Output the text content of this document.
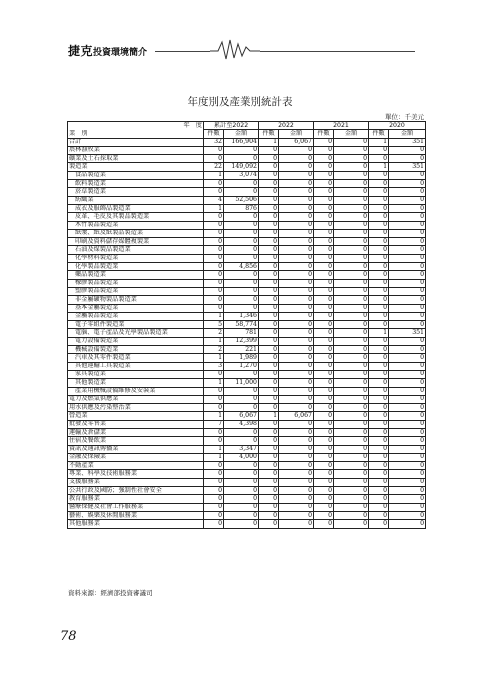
捷克投資環境簡介
年度別及產業別統計表
單位：千美元
年　度	累計至2022		2022		2021		2020	
業　別	件數	金額	件數	金額	件數	金額	件數	金額
合計	32	166,904	1	6,067	0	0	1	351
農林漁牧業	0	0	0	0	0	0	0	0
礦業及土石採取業	0	0	0	0	0	0	0	0
製造業	22	149,092	0	0	0	0	1	351
食品製造業	1	3,074	0	0	0	0	0	0
飲料製造業	0	0	0	0	0	0	0	0
菸草製造業	0	0	0	0	0	0	0	0
紡織業	4	52,506	0	0	0	0	0	0
成衣及服飾品製造業	1	876	0	0	0	0	0	0
皮革、毛皮及其製品製造業	0	0	0	0	0	0	0	0
木竹製品製造業	0	0	0	0	0	0	0	0
紙漿、紙及紙製品製造業	0	0	0	0	0	0	0	0
印刷及資料儲存媒體複製業	0	0	0	0	0	0	0	0
石油及煤製品製造業	0	0	0	0	0	0	0	0
化學材料製造業	0	0	0	0	0	0	0	0
化學製品製造業	0	4,856	0	0	0	0	0	0
藥品製造業	0	0	0	0	0	0	0	0
橡膠製品製造業	0	0	0	0	0	0	0	0
塑膠製品製造業	0	0	0	0	0	0	0	0
非金屬礦物製品製造業	0	0	0	0	0	0	0	0
基本金屬製造業	0	0	0	0	0	0	0	0
金屬製品製造業	1	1,346	0	0	0	0	0	0
電子零組件製造業	5	58,774	0	0	0	0	0	0
電腦、電子產品及光學製品製造業	2	781	0	0	0	0	1	351
電力設備製造業	1	12,399	0	0	0	0	0	0
機械設備製造業	2	221	0	0	0	0	0	0
汽車及其零件製造業	1	1,989	0	0	0	0	0	0
其他運輸工具製造業	3	1,270	0	0	0	0	0	0
家具製造業	0	0	0	0	0	0	0	0
其他製造業	1	11,000	0	0	0	0	0	0
產業用機械設備維修及安裝業	0	0	0	0	0	0	0	0
電力及燃氣供應業	0	0	0	0	0	0	0	0
用水供應及污染整治業	0	0	0	0	0	0	0	0
營造業	1	6,067	1	6,067	0	0	0	0
批發及零售業	7	4,398	0	0	0	0	0	0
運輸及倉儲業	0	0	0	0	0	0	0	0
住宿及餐飲業	0	0	0	0	0	0	0	0
資訊及通訊傳播業	1	3,347	0	0	0	0	0	0
金融及保險業	1	4,000	0	0	0	0	0	0
不動產業	0	0	0	0	0	0	0	0
專業、科學及技術服務業	0	0	0	0	0	0	0	0
支援服務業	0	0	0	0	0	0	0	0
公共行政及國防；強制性社會安全	0	0	0	0	0	0	0	0
教育服務業	0	0	0	0	0	0	0	0
醫療保健及社會工作服務業	0	0	0	0	0	0	0	0
藝術、娛樂及休閒服務業	0	0	0	0	0	0	0	0
其他服務業	0	0	0	0	0	0	0	0
資料來源：經濟部投資審議司
78
